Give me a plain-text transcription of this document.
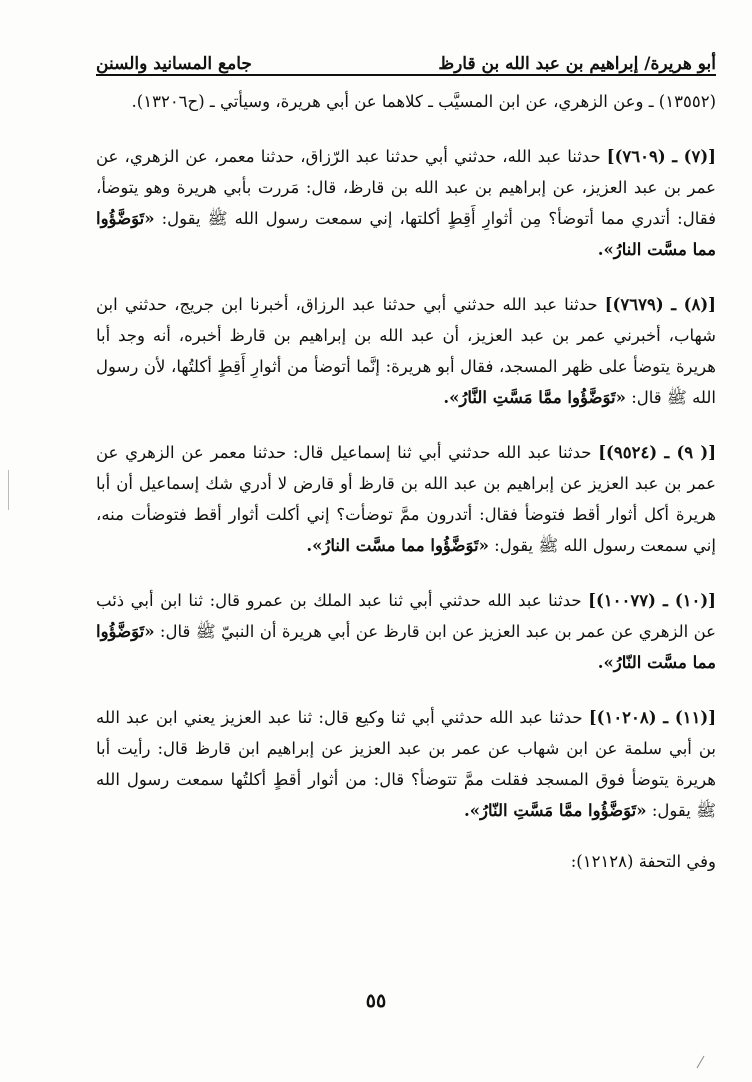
أبو هريرة/ إبراهيم بن عبد الله بن قارظ
جامع المسانيد والسنن

(١٣٥٥٢) ـ وعن الزهري، عن ابن المسيَّب ـ كلاهما عن أبي هريرة، وسيأتي ـ (ح١٣٢٠٦).

[(٧) ـ (٧٦٠٩)] حدثنا عبد الله، حدثني أبي حدثنا عبد الرّزاق، حدثنا معمر، عن الزهري، عن عمر بن عبد العزيز، عن إبراهيم بن عبد الله بن قارظ، قال: مَررت بأبي هريرة وهو يتوضأ، فقال: أتدري مما أتوضأ؟ مِن أثوارِ أَقِطٍ أكلتها، إني سمعت رسول الله ﷺ يقول: «تَوَضَّؤُوا مما مسَّت النارُ».

[(٨) ـ (٧٦٧٩)] حدثنا عبد الله حدثني أبي حدثنا عبد الرزاق، أخبرنا ابن جريج، حدثني ابن شهاب، أخبرني عمر بن عبد العزيز، أن عبد الله بن إبراهيم بن قارظ أخبره، أنه وجد أبا هريرة يتوضأ على ظهر المسجد، فقال أبو هريرة: إنَّما أتوضأ من أثوارِ أَقِطٍ أكلتُها، لأن رسول الله ﷺ قال: «تَوَضَّؤُوا ممَّا مَسَّتِ النَّارُ».

[( ٩) ـ (٩٥٢٤)] حدثنا عبد الله حدثني أبي ثنا إسماعيل قال: حدثنا معمر عن الزهري عن عمر بن عبد العزيز عن إبراهيم بن عبد الله بن قارظ أو قارض لا أدري شك إسماعيل أن أبا هريرة أكل أثوار أقط فتوضأ فقال: أتدرون ممَّ توضأت؟ إني أكلت أثوار أقط فتوضأت منه، إني سمعت رسول الله ﷺ يقول: «تَوَضَّؤُوا مما مسَّت النارُ».

[(١٠) ـ (١٠٠٧٧)] حدثنا عبد الله حدثني أبي ثنا عبد الملك بن عمرو قال: ثنا ابن أبي ذئب عن الزهري عن عمر بن عبد العزيز عن ابن قارظ عن أبي هريرة أن النبيّ ﷺ قال: «تَوَضَّؤُوا مما مسَّت النّارُ».

[(١١) ـ (١٠٢٠٨)] حدثنا عبد الله حدثني أبي ثنا وكيع قال: ثنا عبد العزيز يعني ابن عبد الله بن أبي سلمة عن ابن شهاب عن عمر بن عبد العزيز عن إبراهيم ابن قارظ قال: رأيت أبا هريرة يتوضأ فوق المسجد فقلت ممَّ تتوضأ؟ قال: من أثوار أقطٍ أكلتُها سمعت رسول الله ﷺ يقول: «تَوَضَّؤُوا ممَّا مَسَّتِ النّارُ».

وفي التحفة (١٢١٢٨):

٥٥
